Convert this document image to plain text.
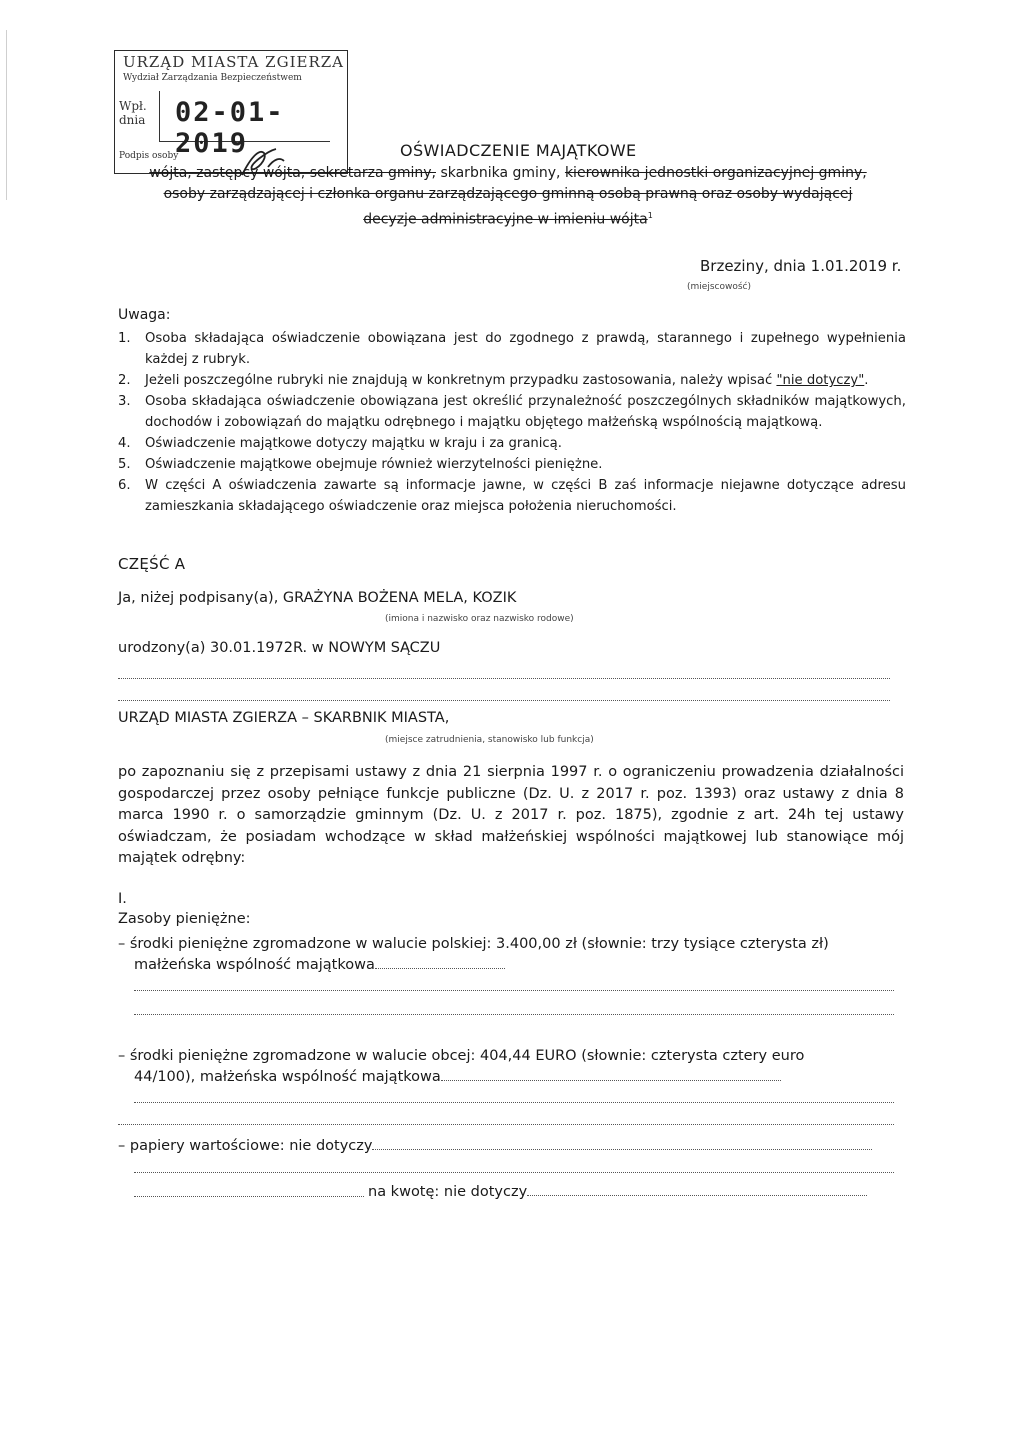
URZĄD MIASTA ZGIERZA
Wydział Zarządzania Bezpieczeństwem
Wpł.
dnia 02-01-2019
Podpis osoby	OŚWIADCZENIE MAJĄTKOWE
wójta, zastępcy wójta, sekretarza gminy, skarbnika gminy, kierownika jednostki organizacyjnej gminy,
osoby zarządzającej i członka organu zarządzającego gminną osobą prawną oraz osoby wydającej
decyzje administracyjne w imieniu wójta$^1$
Brzeziny, dnia 1.01.2019 r.
(miejscowość)
Uwaga:
1.	Osoba składająca oświadczenie obowiązana jest do zgodnego z prawdą, starannego i zupełnego wypełnienia każdej z rubryk.
2.	Jeżeli poszczególne rubryki nie znajdują w konkretnym przypadku zastosowania, należy wpisać "nie dotyczy".
3.	Osoba składająca oświadczenie obowiązana jest określić przynależność poszczególnych składników majątkowych, dochodów i zobowiązań do majątku odrębnego i majątku objętego małżeńską wspólnością majątkową.
4.	Oświadczenie majątkowe dotyczy majątku w kraju i za granicą.
5.	Oświadczenie majątkowe obejmuje również wierzytelności pieniężne.
6.	W części A oświadczenia zawarte są informacje jawne, w części B zaś informacje niejawne dotyczące adresu zamieszkania składającego oświadczenie oraz miejsca położenia nieruchomości.
CZĘŚĆ A
Ja, niżej podpisany(a), GRAŻYNA BOŻENA MELA, KOZIK
(imiona i nazwisko oraz nazwisko rodowe)
urodzony(a) 30.01.1972R. w NOWYM SĄCZU
URZĄD MIASTA ZGIERZA – SKARBNIK MIASTA,
(miejsce zatrudnienia, stanowisko lub funkcja)
po zapoznaniu się z przepisami ustawy z dnia 21 sierpnia 1997 r. o ograniczeniu prowadzenia działalności gospodarczej przez osoby pełniące funkcje publiczne (Dz. U. z 2017 r. poz. 1393) oraz ustawy z dnia 8 marca 1990 r. o samorządzie gminnym (Dz. U. z 2017 r. poz. 1875), zgodnie z art. 24h tej ustawy oświadczam, że posiadam wchodzące w skład małżeńskiej wspólności majątkowej lub stanowiące mój majątek odrębny:
I.
Zasoby pieniężne:
– środki pieniężne zgromadzone w walucie polskiej: 3.400,00 zł (słownie: trzy tysiące czterysta zł)
małżeńska wspólność majątkowa
– środki pieniężne zgromadzone w walucie obcej: 404,44 EURO (słownie: czterysta cztery euro
44/100), małżeńska wspólność majątkowa
– papiery wartościowe: nie dotyczy
na kwotę: nie dotyczy
